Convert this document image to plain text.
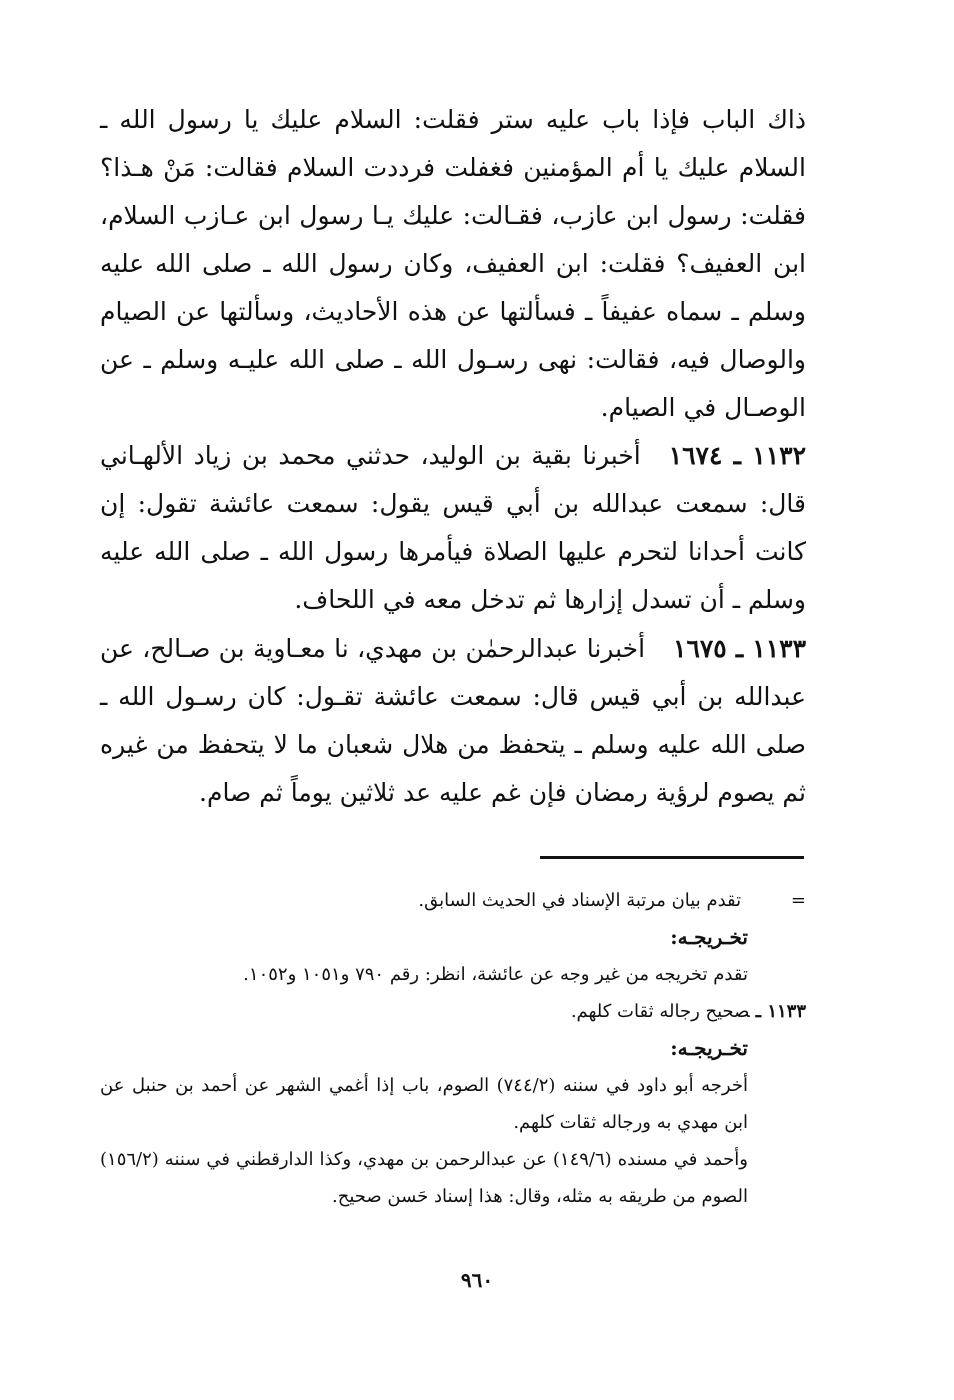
ذاك الباب فإذا باب عليه ستر فقلت: السلام عليك يا رسول الله ـ السلام عليك يا أم المؤمنين فغفلت فرددت السلام فقالت: مَنْ هـذا؟ فقلت: رسول ابن عازب، فقـالت: عليك يـا رسول ابن عـازب السلام، ابن العفيف؟ فقلت: ابن العفيف، وكان رسول الله ـ صلى الله عليه وسلم ـ سماه عفيفاً ـ فسألتها عن هذه الأحاديث، وسألتها عن الصيام والوصال فيه، فقالت: نهى رسـول الله ـ صلى الله عليـه وسلم ـ عن الوصـال في الصيام.
١١٣٢ ـ ١٦٧٤أخبرنا بقية بن الوليد، حدثني محمد بن زياد الألهـاني قال: سمعت عبدالله بن أبي قيس يقول: سمعت عائشة تقول: إن كانت أحدانا لتحرم عليها الصلاة فيأمرها رسول الله ـ صلى الله عليه وسلم ـ أن تسدل إزارها ثم تدخل معه في اللحاف.
١١٣٣ ـ ١٦٧٥أخبرنا عبدالرحمٰن بن مهدي، نا معـاوية بن صـالح، عن عبدالله بن أبي قيس قال: سمعت عائشة تقـول: كان رسـول الله ـ صلى الله عليه وسلم ـ يتحفظ من هلال شعبان ما لا يتحفظ من غيره ثم يصوم لرؤية رمضان فإن غم عليه عد ثلاثين يوماً ثم صام.
= تقدم بيان مرتبة الإسناد في الحديث السابق.
تخـريجـه:
تقدم تخريجه من غير وجه عن عائشة، انظر: رقم ٧٩٠ و١٠٥١ و١٠٥٢.
١١٣٣ ـصحيح رجاله ثقات كلهم.
تخـريجـه:
أخرجه أبو داود في سننه (٧٤٤/٢) الصوم، باب إذا أغمي الشهر عن أحمد بن حنبل عن ابن مهدي به ورجاله ثقات كلهم.
وأحمد في مسنده (١٤٩/٦) عن عبدالرحمن بن مهدي، وكذا الدارقطني في سننه (١٥٦/٢) الصوم من طريقه به مثله، وقال: هذا إسناد حَسن صحيح.
٩٦٠
